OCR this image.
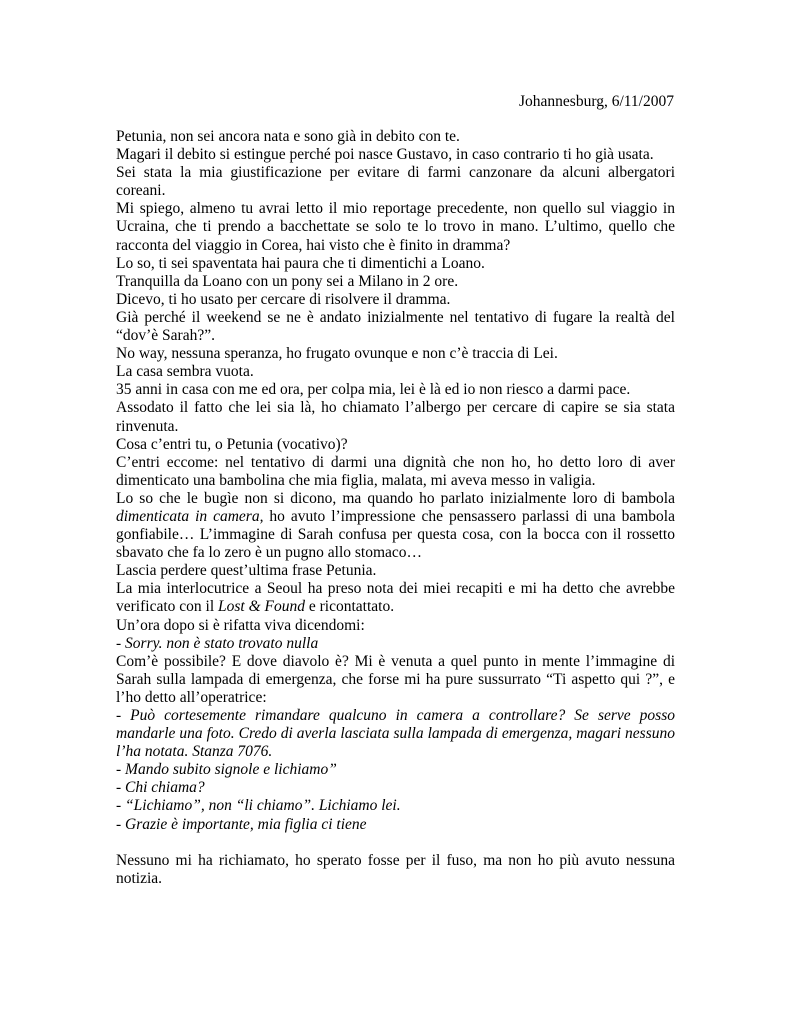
Johannesburg, 6/11/2007

Petunia, non sei ancora nata e sono già in debito con te.

Magari il debito si estingue perché poi nasce Gustavo, in caso contrario ti ho già usata.

Sei stata la mia giustificazione per evitare di farmi canzonare da alcuni albergatori coreani.

Mi spiego, almeno tu avrai letto il mio reportage precedente, non quello sul viaggio in Ucraina, che ti prendo a bacchettate se solo te lo trovo in mano. L’ultimo, quello che racconta del viaggio in Corea, hai visto che è finito in dramma?

Lo so, ti sei spaventata hai paura che ti dimentichi a Loano.

Tranquilla da Loano con un pony sei a Milano in 2 ore.

Dicevo, ti ho usato per cercare di risolvere il dramma.

Già perché il weekend se ne è andato inizialmente nel tentativo di fugare la realtà del “dov’è Sarah?”.

No way, nessuna speranza, ho frugato ovunque e non c’è traccia di Lei.

La casa sembra vuota.

35 anni in casa con me ed ora, per colpa mia, lei è là ed io non riesco a darmi pace.

Assodato il fatto che lei sia là, ho chiamato l’albergo per cercare di capire se sia stata rinvenuta.

Cosa c’entri tu, o Petunia (vocativo)?

C’entri eccome: nel tentativo di darmi una dignità che non ho, ho detto loro di aver dimenticato una bambolina che mia figlia, malata, mi aveva messo in valigia.

Lo so che le bugìe non si dicono, ma quando ho parlato inizialmente loro di bambola dimenticata in camera, ho avuto l’impressione che pensassero parlassi di una bambola gonfiabile… L’immagine di Sarah confusa per questa cosa, con la bocca con il rossetto sbavato che fa lo zero è un pugno allo stomaco…

Lascia perdere quest’ultima frase Petunia.

La mia interlocutrice a Seoul ha preso nota dei miei recapiti e mi ha detto che avrebbe verificato con il Lost & Found e ricontattato.

Un’ora dopo si è rifatta viva dicendomi:

- Sorry. non è stato trovato nulla

Com’è possibile? E dove diavolo è? Mi è venuta a quel punto in mente l’immagine di Sarah sulla lampada di emergenza, che forse mi ha pure sussurrato “Ti aspetto qui ?”, e l’ho detto all’operatrice:

- Può cortesemente rimandare qualcuno in camera a controllare? Se serve posso mandarle una foto. Credo di averla lasciata sulla lampada di emergenza, magari nessuno l’ha notata. Stanza 7076.

- Mando subito signole e lichiamo”

- Chi chiama?

- “Lichiamo”, non “li chiamo”. Lichiamo lei.

- Grazie è importante, mia figlia ci tiene

Nessuno mi ha richiamato, ho sperato fosse per il fuso, ma non ho più avuto nessuna notizia.
